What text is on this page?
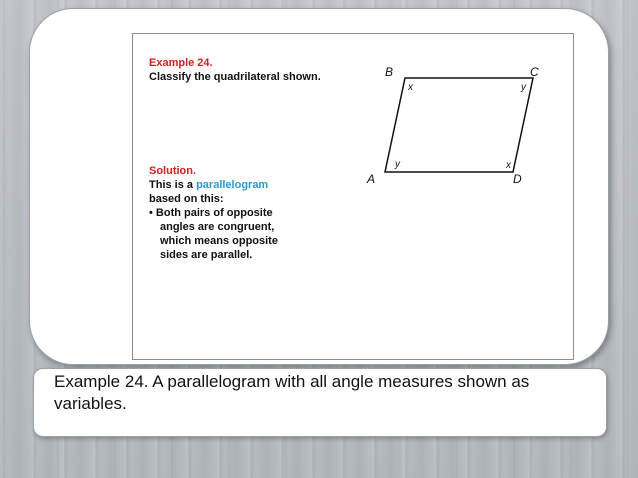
Example 24.
Classify the quadrilateral shown.
Solution.
This is a parallelogram
based on this:
• Both pairs of opposite
angles are congruent,
which means opposite
sides are parallel.
B	C
A	D
x	y
y	x
Example 24. A parallelogram with all angle measures shown as variables.
